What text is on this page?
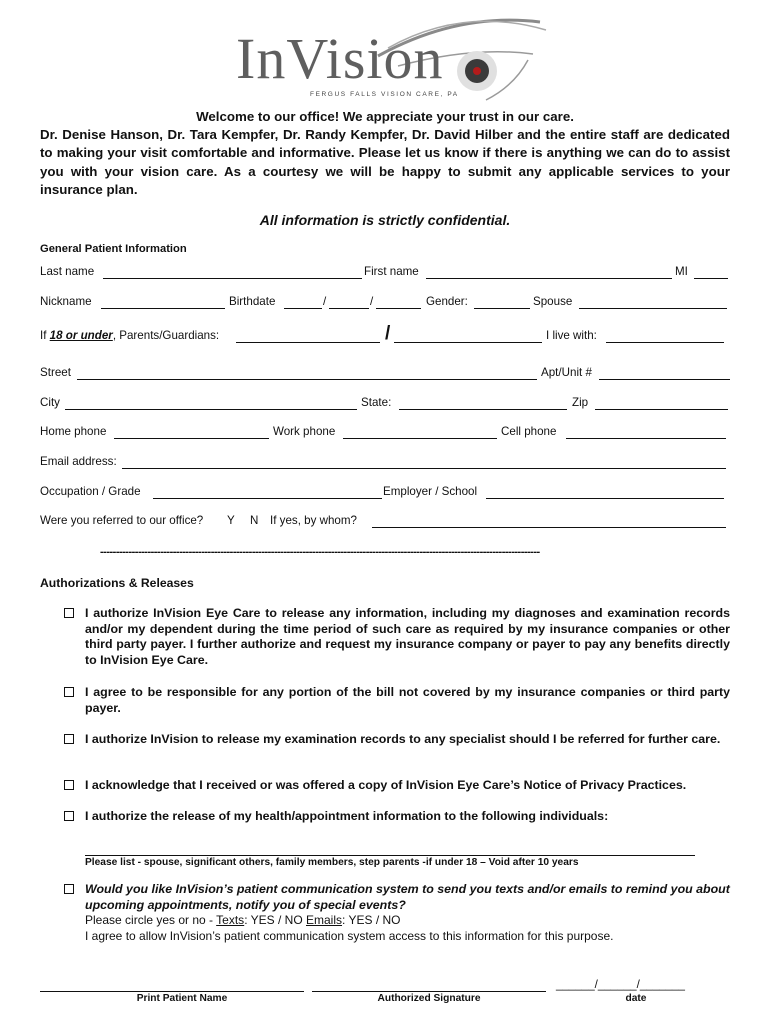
InVision
FERGUS FALLS VISION CARE, PA
Welcome to our office! We appreciate your trust in our care.
Dr. Denise Hanson, Dr. Tara Kempfer, Dr. Randy Kempfer, Dr. David Hilber and the entire staff are dedicated to making your visit comfortable and informative. Please let us know if there is anything we can do to assist you with your vision care. As a courtesy we will be happy to submit any applicable services to your insurance plan.
All information is strictly confidential.
General Patient Information
Last name	First name	MI
Nickname	Birthdate	/	/	Gender:	Spouse
If 18 or under, Parents/Guardians:	/	I live with:
Street	Apt/Unit #
City	State:	Zip
Home phone	Work phone	Cell phone
Email address:
Occupation / Grade	Employer / School
Were you referred to our office? Y N If yes, by whom?
-------------------------------------------------------------------------------------------------------------------------------------------
Authorizations & Releases
I authorize InVision Eye Care to release any information, including my diagnoses and examination records and/or my dependent during the time period of such care as required by my insurance companies or other third party payer. I further authorize and request my insurance company or payer to pay any benefits directly to InVision Eye Care.
I agree to be responsible for any portion of the bill not covered by my insurance companies or third party payer.
I authorize InVision to release my examination records to any specialist should I be referred for further care.
I acknowledge that I received or was offered a copy of InVision Eye Care’s Notice of Privacy Practices.
I authorize the release of my health/appointment information to the following individuals:
Please list - spouse, significant others, family members, step parents -if under 18 – Void after 10 years
Would you like InVision’s patient communication system to send you texts and/or emails to remind you about upcoming appointments, notify you of special events?
Please circle yes or no - Texts: YES / NO Emails: YES / NO
I agree to allow InVision’s patient communication system access to this information for this purpose.
Print Patient Name	Authorized Signature
______/______/_______
date
